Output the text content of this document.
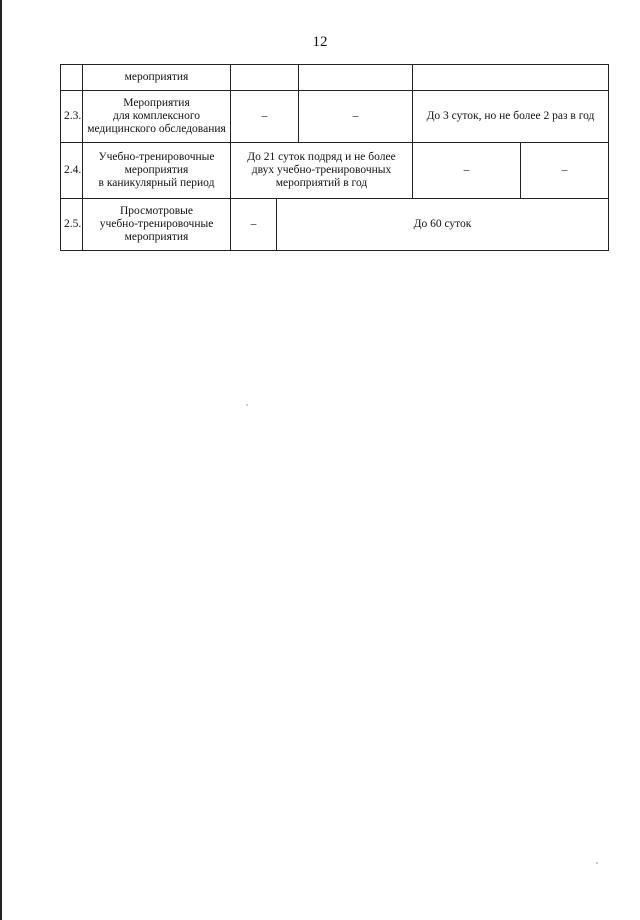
12
	мероприятия					
2.3.	Мероприятия
для комплексного
медицинского обследования	–		–	До 3 суток, но не более 2 раз в год	
2.4.	Учебно-тренировочные
мероприятия
в каникулярный период	До 21 суток подряд и не более
двух учебно-тренировочных
мероприятий в год			–	–
2.5.	Просмотровые
учебно-тренировочные
мероприятия	–	До 60 суток			
